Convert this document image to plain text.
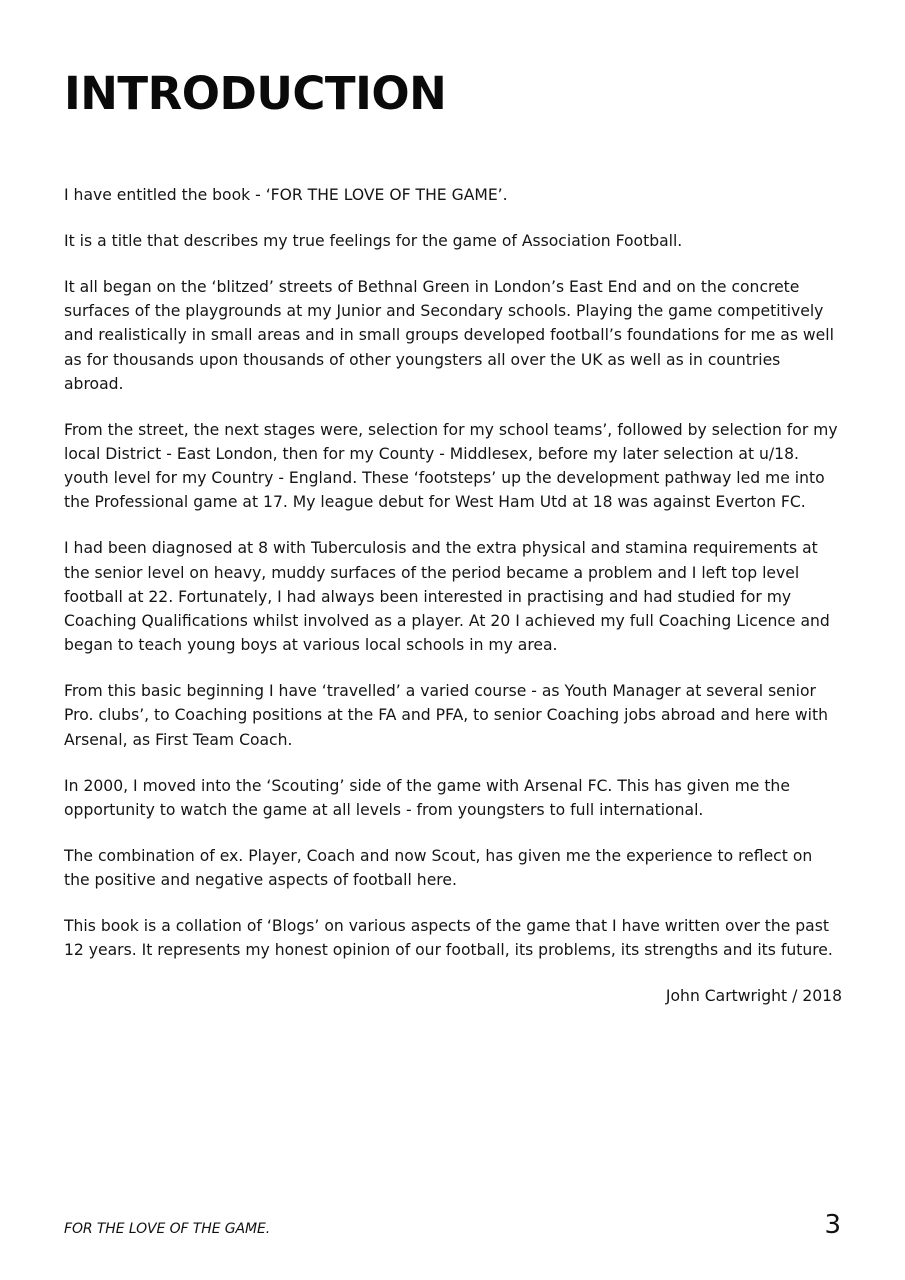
INTRODUCTION

I have entitled the book - ‘FOR THE LOVE OF THE GAME’.

It is a title that describes my true feelings for the game of Association Football.

It all began on the ‘blitzed’ streets of Bethnal Green in London’s East End and on the concrete surfaces of the playgrounds at my Junior and Secondary schools. Playing the game competitively and realistically in small areas and in small groups developed football’s foundations for me as well as for thousands upon thousands of other youngsters all over the UK as well as in countries abroad.

From the street, the next stages were, selection for my school teams’, followed by selection for my local District - East London, then for my County - Middlesex, before my later selection at u/18. youth level for my Country - England. These ‘footsteps’ up the development pathway led me into the Professional game at 17. My league debut for West Ham Utd at 18 was against Everton FC.

I had been diagnosed at 8 with Tuberculosis and the extra physical and stamina requirements at the senior level on heavy, muddy surfaces of the period became a problem and I left top level football at 22. Fortunately, I had always been interested in practising and had studied for my Coaching Qualifications whilst involved as a player. At 20 I achieved my full Coaching Licence and began to teach young boys at various local schools in my area.

From this basic beginning I have ‘travelled’ a varied course - as Youth Manager at several senior Pro. clubs’, to Coaching positions at the FA and PFA, to senior Coaching jobs abroad and here with Arsenal, as First Team Coach.

In 2000, I moved into the ‘Scouting’ side of the game with Arsenal FC. This has given me the opportunity to watch the game at all levels - from youngsters to full international.

The combination of ex. Player, Coach and now Scout, has given me the experience to reflect on the positive and negative aspects of football here.

This book is a collation of ‘Blogs’ on various aspects of the game that I have written over the past 12 years. It represents my honest opinion of our football, its problems, its strengths and its future.

John Cartwright / 2018

FOR THE LOVE OF THE GAME.	3
